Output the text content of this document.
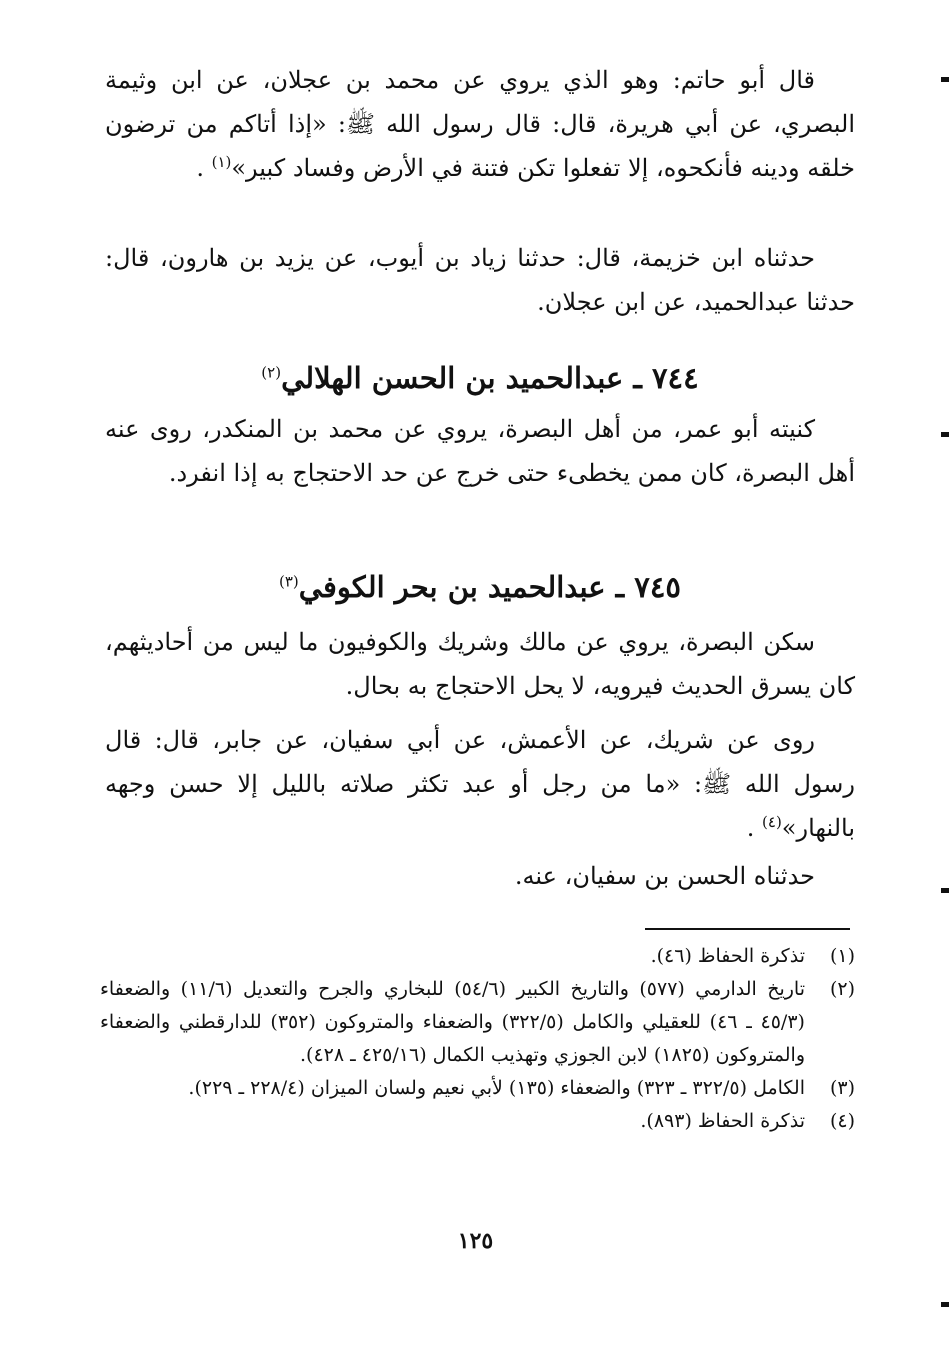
قال أبو حاتم: وهو الذي يروي عن محمد بن عجلان، عن ابن وثيمة البصري، عن أبي هريرة، قال: قال رسول الله ﷺ: «إذا أتاكم من ترضون خلقه ودينه فأنكحوه، إلا تفعلوا تكن فتنة في الأرض وفساد كبير»$^{(١)}$ .
حدثناه ابن خزيمة، قال: حدثنا زياد بن أيوب، عن يزيد بن هارون، قال: حدثنا عبدالحميد، عن ابن عجلان.
٧٤٤ ـ عبدالحميد بن الحسن الهلالي$^{(٢)}$
كنيته أبو عمر، من أهل البصرة، يروي عن محمد بن المنكدر، روى عنه أهل البصرة، كان ممن يخطىء حتى خرج عن حد الاحتجاج به إذا انفرد.
٧٤٥ ـ عبدالحميد بن بحر الكوفي$^{(٣)}$
سكن البصرة، يروي عن مالك وشريك والكوفيون ما ليس من أحاديثهم، كان يسرق الحديث فيرويه، لا يحل الاحتجاج به بحال.
روى عن شريك، عن الأعمش، عن أبي سفيان، عن جابر، قال: قال رسول الله ﷺ: «ما من رجل أو عبد تكثر صلاته بالليل إلا حسن وجهه بالنهار»$^{(٤)}$ .
حدثناه الحسن بن سفيان، عنه.
(١)
تذكرة الحفاظ (٤٦).
(٢)
تاريخ الدارمي (٥٧٧) والتاريخ الكبير (٥٤/٦) للبخاري والجرح والتعديل (١١/٦) والضعفاء (٤٥/٣ ـ ٤٦) للعقيلي والكامل (٣٢٢/٥) والضعفاء والمتروكون (٣٥٢) للدارقطني والضعفاء والمتروكون (١٨٢٥) لابن الجوزي وتهذيب الكمال (٤٢٥/١٦ ـ ٤٢٨).
(٣)
الكامل (٣٢٢/٥ ـ ٣٢٣) والضعفاء (١٣٥) لأبي نعيم ولسان الميزان (٢٢٨/٤ ـ ٢٢٩).
(٤)
تذكرة الحفاظ (٨٩٣).
١٢٥
